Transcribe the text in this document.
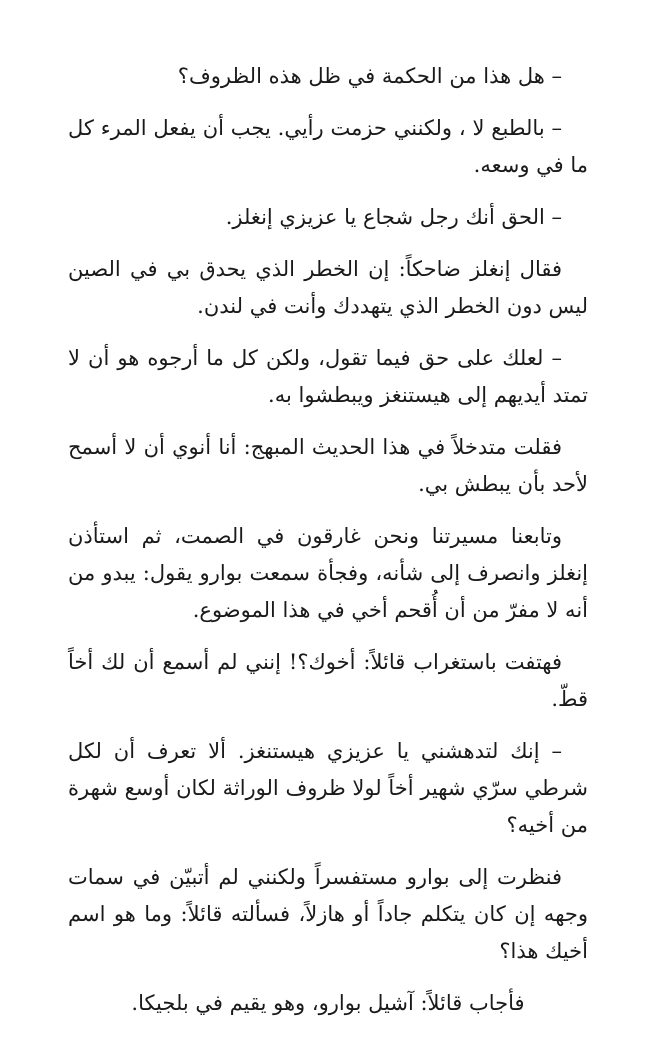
– هل هذا من الحكمة في ظل هذه الظروف؟

– بالطبع لا ، ولكنني حزمت رأيي. يجب أن يفعل المرء كل ما في وسعه.

– الحق أنك رجل شجاع يا عزيزي إنغلز.

فقال إنغلز ضاحكاً: إن الخطر الذي يحدق بي في الصين ليس دون الخطر الذي يتهددك وأنت في لندن.

– لعلك على حق فيما تقول، ولكن كل ما أرجوه هو أن لا تمتد أيديهم إلى هيستنغز ويبطشوا به.

فقلت متدخلاً في هذا الحديث المبهج: أنا أنوي أن لا أسمح لأحد بأن يبطش بي.

وتابعنا مسيرتنا ونحن غارقون في الصمت، ثم استأذن إنغلز وانصرف إلى شأنه، وفجأة سمعت بوارو يقول: يبدو من أنه لا مفرّ من أن أُقحم أخي في هذا الموضوع.

فهتفت باستغراب قائلاً: أخوك؟! إنني لم أسمع أن لك أخاً قطّ.

– إنك لتدهشني يا عزيزي هيستنغز. ألا تعرف أن لكل شرطي سرّي شهير أخاً لولا ظروف الوراثة لكان أوسع شهرة من أخيه؟

فنظرت إلى بوارو مستفسراً ولكنني لم أتبيّن في سمات وجهه إن كان يتكلم جاداً أو هازلاً، فسألته قائلاً: وما هو اسم أخيك هذا؟

فأجاب قائلاً: آشيل بوارو، وهو يقيم في بلجيكا.
